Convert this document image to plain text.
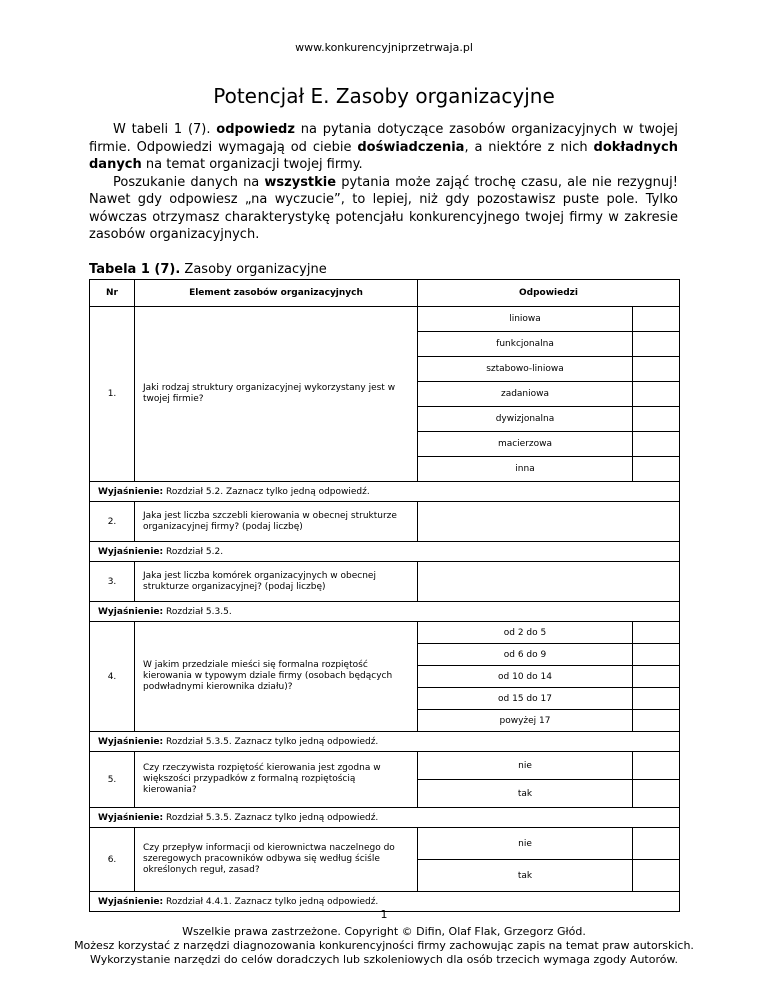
www.konkurencyjniprzetrwaja.pl
Potencjał E. Zasoby organizacyjne

W tabeli 1 (7). odpowiedz na pytania dotyczące zasobów organizacyjnych w twojej firmie. Odpowiedzi wymagają od ciebie doświadczenia, a niektóre z nich dokładnych danych na temat organizacji twojej firmy.

Poszukanie danych na wszystkie pytania może zająć trochę czasu, ale nie rezygnuj! Nawet gdy odpowiesz „na wyczucie”, to lepiej, niż gdy pozostawisz puste pole. Tylko wówczas otrzymasz charakterystykę potencjału konkurencyjnego twojej firmy w zakresie zasobów organizacyjnych.

Tabela 1 (7). Zasoby organizacyjne
Nr	Element zasobów organizacyjnych	Odpowiedzi	
1.	Jaki rodzaj struktury organizacyjnej wykorzystany jest w twojej firmie?	liniowa	
		funkcjonalna	
		sztabowo-liniowa	
		zadaniowa	
		dywizjonalna	
		macierzowa	
		inna	
Wyjaśnienie: Rozdział 5.2. Zaznacz tylko jedną odpowiedź.			
2.	Jaka jest liczba szczebli kierowania w obecnej strukturze organizacyjnej firmy? (podaj liczbę)		
Wyjaśnienie: Rozdział 5.2.			
3.	Jaka jest liczba komórek organizacyjnych w obecnej strukturze organizacyjnej? (podaj liczbę)		
Wyjaśnienie: Rozdział 5.3.5.			
4.	W jakim przedziale mieści się formalna rozpiętość kierowania w typowym dziale firmy (osobach będących podwładnymi kierownika działu)?	od 2 do 5	
		od 6 do 9	
		od 10 do 14	
		od 15 do 17	
		powyżej 17	
Wyjaśnienie: Rozdział 5.3.5. Zaznacz tylko jedną odpowiedź.			
5.	Czy rzeczywista rozpiętość kierowania jest zgodna w większości przypadków z formalną rozpiętością kierowania?	nie	
		tak	
Wyjaśnienie: Rozdział 5.3.5. Zaznacz tylko jedną odpowiedź.			
6.	Czy przepływ informacji od kierownictwa naczelnego do szeregowych pracowników odbywa się według ściśle określonych reguł, zasad?	nie	
		tak	
Wyjaśnienie: Rozdział 4.4.1. Zaznacz tylko jedną odpowiedź.			
1
Wszelkie prawa zastrzeżone. Copyright © Difin, Olaf Flak, Grzegorz Głód.
Możesz korzystać z narzędzi diagnozowania konkurencyjności firmy zachowując zapis na temat praw autorskich.
Wykorzystanie narzędzi do celów doradczych lub szkoleniowych dla osób trzecich wymaga zgody Autorów.
